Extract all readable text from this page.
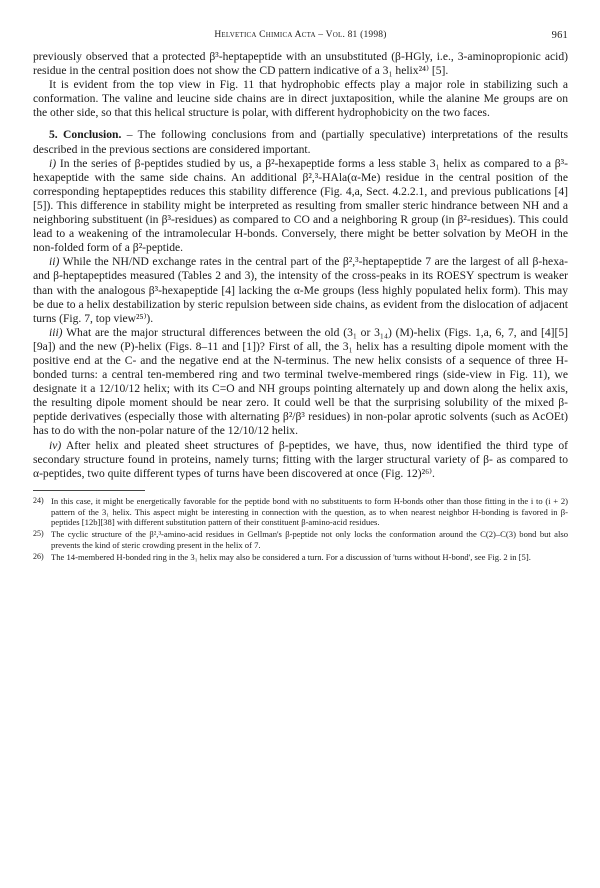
Helvetica Chimica Acta – Vol. 81 (1998)	961

previously observed that a protected β³-heptapeptide with an unsubstituted (β-HGly, i.e., 3-aminopropionic acid) residue in the central position does not show the CD pattern indicative of a 3₁ helix²⁴⁾ [5].

It is evident from the top view in Fig. 11 that hydrophobic effects play a major role in stabilizing such a conformation. The valine and leucine side chains are in direct juxtaposition, while the alanine Me groups are on the other side, so that this helical structure is polar, with different hydrophobicity on the two faces.

5. Conclusion. – The following conclusions from and (partially speculative) interpretations of the results described in the previous sections are considered important.

i) In the series of β-peptides studied by us, a β²-hexapeptide forms a less stable 3₁ helix as compared to a β³-hexapeptide with the same side chains. An additional β²,³-HAla(α-Me) residue in the central position of the corresponding heptapeptides reduces this stability difference (Fig. 4,a, Sect. 4.2.2.1, and previous publications [4][5]). This difference in stability might be interpreted as resulting from smaller steric hindrance between NH and a neighboring substituent (in β³-residues) as compared to CO and a neighboring R group (in β²-residues). This could lead to a weakening of the intramolecular H-bonds. Conversely, there might be better solvation by MeOH in the non-folded form of a β²-peptide.

ii) While the NH/ND exchange rates in the central part of the β²,³-heptapeptide 7 are the largest of all β-hexa- and β-heptapeptides measured (Tables 2 and 3), the intensity of the cross-peaks in its ROESY spectrum is weaker than with the analogous β³-hexapeptide [4] lacking the α-Me groups (less highly populated helix form). This may be due to a helix destabilization by steric repulsion between side chains, as evident from the dislocation of adjacent turns (Fig. 7, top view²⁵⁾).

iii) What are the major structural differences between the old (3₁ or 3₁₄) (M)-helix (Figs. 1,a, 6, 7, and [4][5][9a]) and the new (P)-helix (Figs. 8–11 and [1])? First of all, the 3₁ helix has a resulting dipole moment with the positive end at the C- and the negative end at the N-terminus. The new helix consists of a sequence of three H-bonded turns: a central ten-membered ring and two terminal twelve-membered rings (side-view in Fig. 11), we designate it a 12/10/12 helix; with its C=O and NH groups pointing alternately up and down along the helix axis, the resulting dipole moment should be near zero. It could well be that the surprising solubility of the mixed β-peptide derivatives (especially those with alternating β²/β³ residues) in non-polar aprotic solvents (such as AcOEt) has to do with the non-polar nature of the 12/10/12 helix.

iv) After helix and pleated sheet structures of β-peptides, we have, thus, now identified the third type of secondary structure found in proteins, namely turns; fitting with the larger structural variety of β- as compared to α-peptides, two quite different types of turns have been discovered at once (Fig. 12)²⁶⁾.

24) In this case, it might be energetically favorable for the peptide bond with no substituents to form H-bonds other than those fitting in the i to (i + 2) pattern of the 3₁ helix. This aspect might be interesting in connection with the question, as to when nearest neighbor H-bonding is favored in β-peptides [12b][38] with different substitution pattern of their constituent β-amino-acid residues.
25) The cyclic structure of the β²,³-amino-acid residues in Gellman's β-peptide not only locks the conformation around the C(2)–C(3) bond but also prevents the kind of steric crowding present in the helix of 7.
26) The 14-membered H-bonded ring in the 3₁ helix may also be considered a turn. For a discussion of 'turns without H-bond', see Fig. 2 in [5].
